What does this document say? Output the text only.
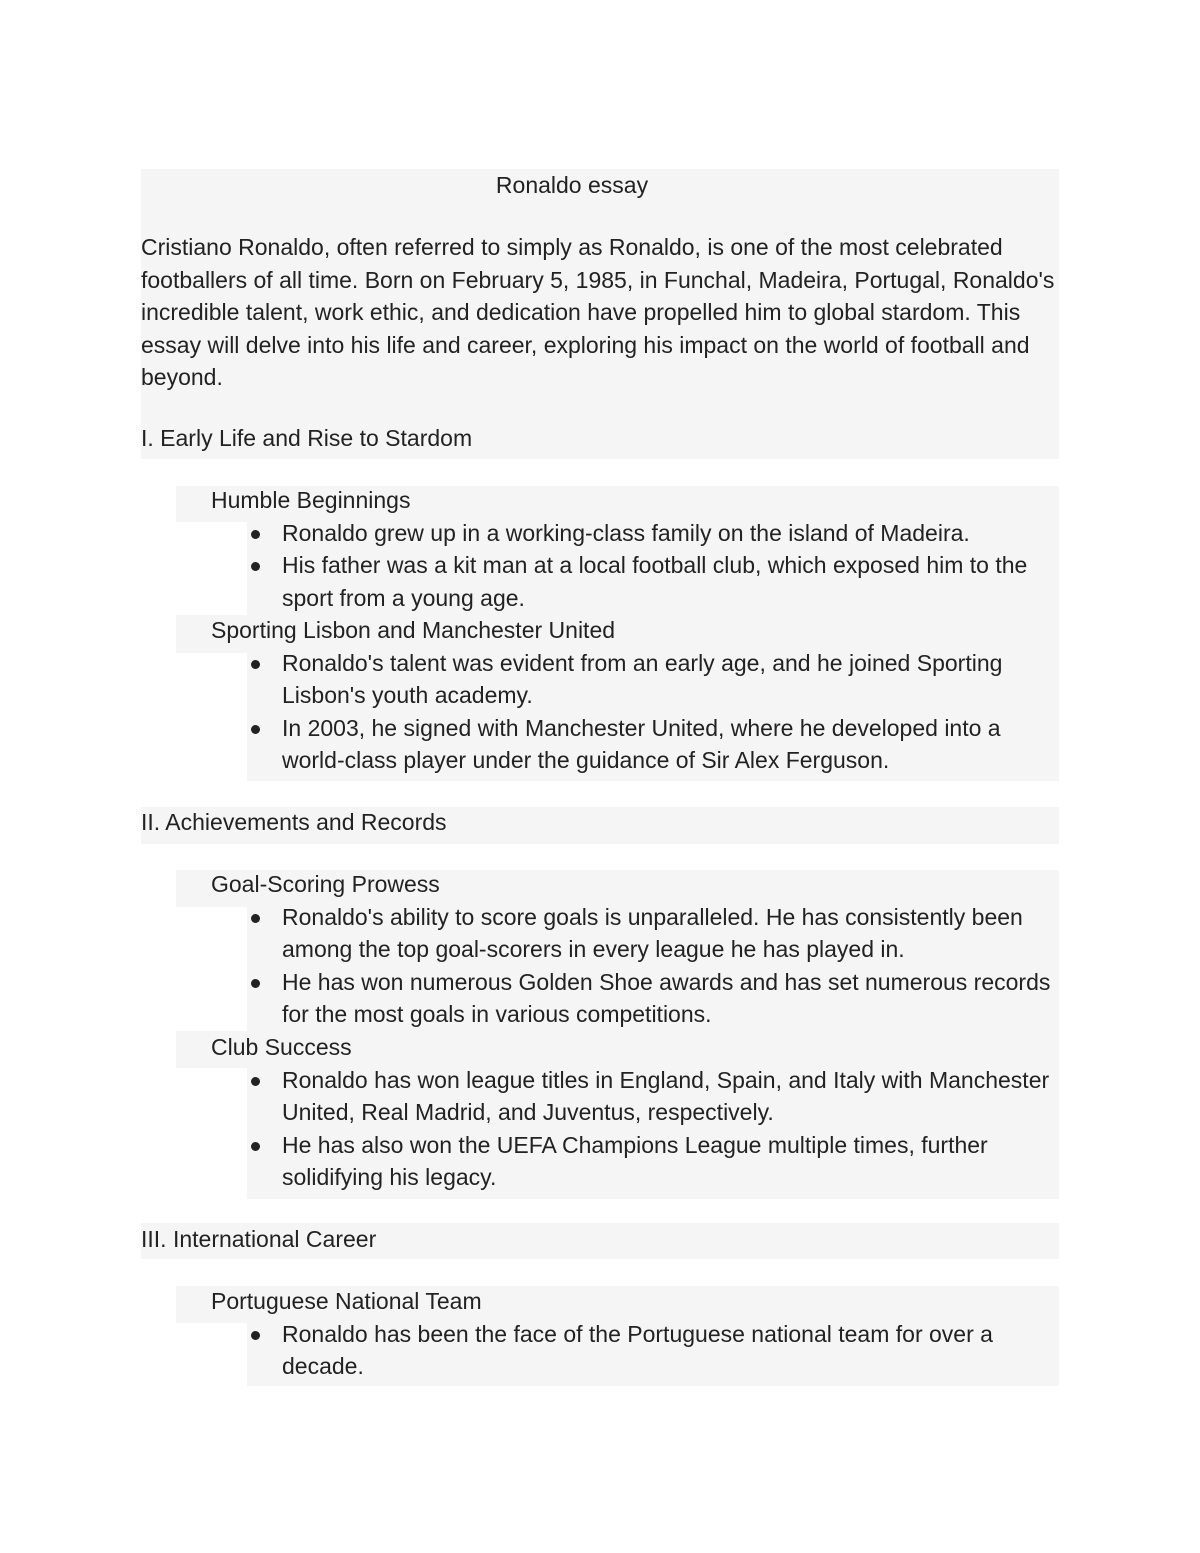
Ronaldo essay

Cristiano Ronaldo, often referred to simply as Ronaldo, is one of the most celebrated footballers of all time. Born on February 5, 1985, in Funchal, Madeira, Portugal, Ronaldo's incredible talent, work ethic, and dedication have propelled him to global stardom. This essay will delve into his life and career, exploring his impact on the world of football and beyond.

I. Early Life and Rise to Stardom
Humble Beginnings
Ronaldo grew up in a working-class family on the island of Madeira.
His father was a kit man at a local football club, which exposed him to the sport from a young age.
Sporting Lisbon and Manchester United
Ronaldo's talent was evident from an early age, and he joined Sporting Lisbon's youth academy.
In 2003, he signed with Manchester United, where he developed into a world-class player under the guidance of Sir Alex Ferguson.
II. Achievements and Records
Goal-Scoring Prowess
Ronaldo's ability to score goals is unparalleled. He has consistently been among the top goal-scorers in every league he has played in.
He has won numerous Golden Shoe awards and has set numerous records for the most goals in various competitions.
Club Success
Ronaldo has won league titles in England, Spain, and Italy with Manchester United, Real Madrid, and Juventus, respectively.
He has also won the UEFA Champions League multiple times, further solidifying his legacy.
III. International Career
Portuguese National Team
Ronaldo has been the face of the Portuguese national team for over a decade.
